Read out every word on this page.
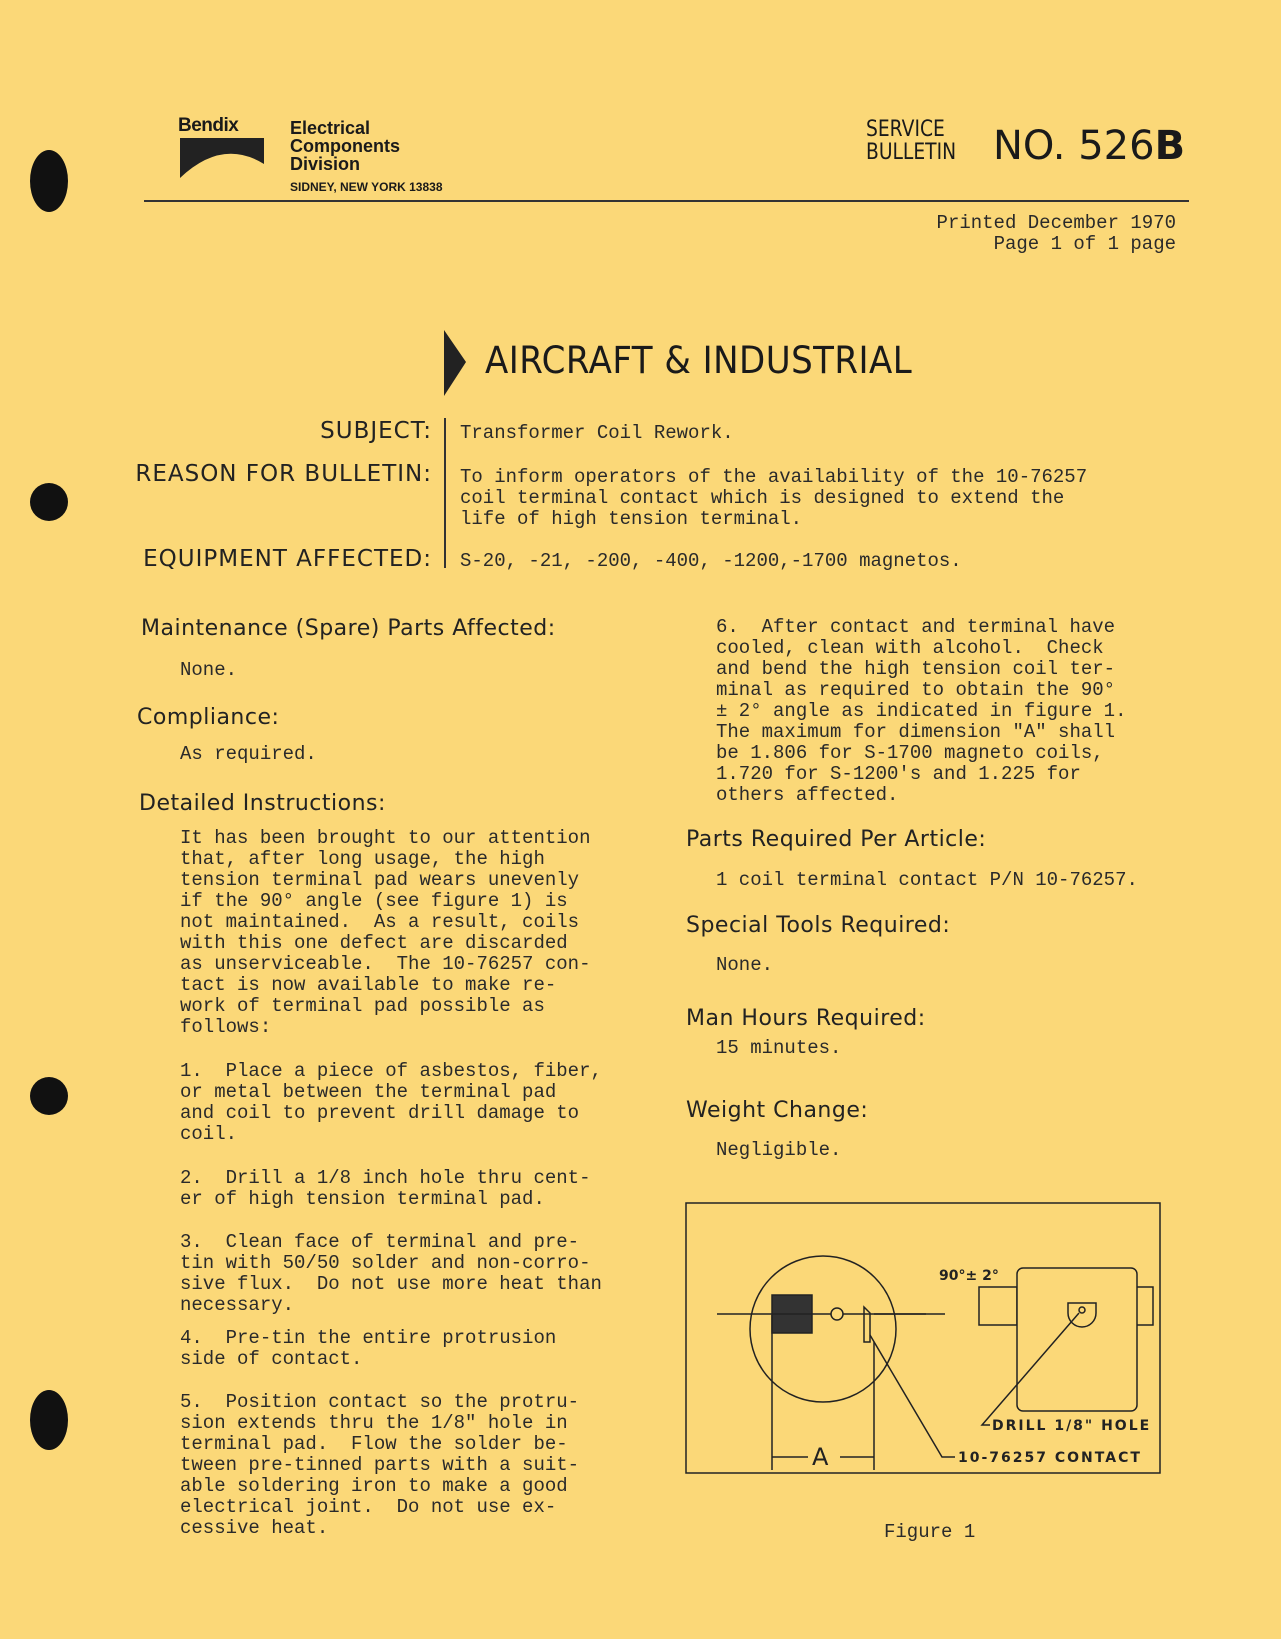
Bendix	Electrical
Components
Division
SIDNEY, NEW YORK 13838
SERVICE
BULLETIN NO. 526B
Printed December 1970
Page 1 of 1 page
AIRCRAFT & INDUSTRIAL
SUBJECT:
REASON FOR BULLETIN:
EQUIPMENT AFFECTED:
Transformer Coil Rework.
To inform operators of the availability of the 10-76257
coil terminal contact which is designed to extend the
life of high tension terminal.
S-20, -21, -200, -400, -1200,-1700 magnetos.
Maintenance (Spare) Parts Affected:
None.
Compliance:
As required.
Detailed Instructions:
It has been brought to our attention
that, after long usage, the high
tension terminal pad wears unevenly
if the 90° angle (see figure 1) is
not maintained.  As a result, coils
with this one defect are discarded
as unserviceable.  The 10-76257 con-
tact is now available to make re-
work of terminal pad possible as
follows:
1.  Place a piece of asbestos, fiber,
or metal between the terminal pad
and coil to prevent drill damage to
coil.
2.  Drill a 1/8 inch hole thru cent-
er of high tension terminal pad.
3.  Clean face of terminal and pre-
tin with 50/50 solder and non-corro-
sive flux.  Do not use more heat than
necessary.
4.  Pre-tin the entire protrusion
side of contact.
5.  Position contact so the protru-
sion extends thru the 1/8" hole in
terminal pad.  Flow the solder be-
tween pre-tinned parts with a suit-
able soldering iron to make a good
electrical joint.  Do not use ex-
cessive heat.
6.  After contact and terminal have
cooled, clean with alcohol.  Check
and bend the high tension coil ter-
minal as required to obtain the 90°
± 2° angle as indicated in figure 1.
The maximum for dimension "A" shall
be 1.806 for S-1700 magneto coils,
1.720 for S-1200's and 1.225 for
others affected.
Parts Required Per Article:
1 coil terminal contact P/N 10-76257.
Special Tools Required:
None.
Man Hours Required:
15 minutes.
Weight Change:
Negligible.
90°± 2°
DRILL 1/8" HOLE
10-76257 CONTACT
A
Figure 1
